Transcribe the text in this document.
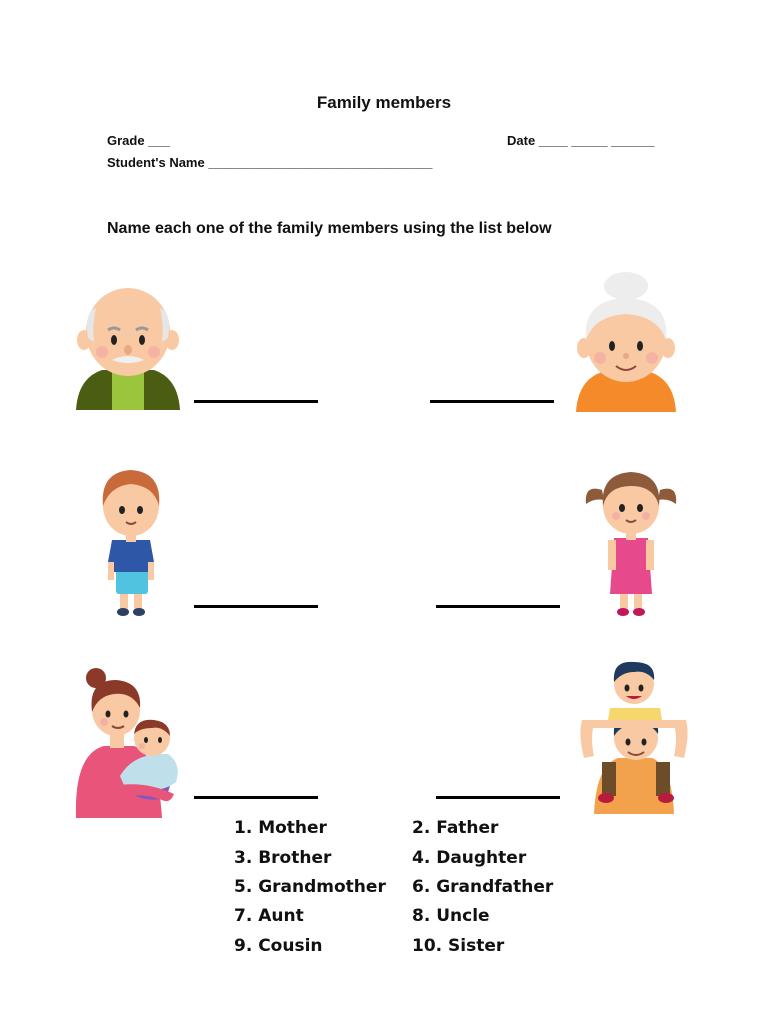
Family members
Grade ___	Date ____ _____ ______
Student's Name _______________________________
Name each one of the family members using the list below
1. Mother	2. Father
3. Brother	4. Daughter
5. Grandmother 6. Grandfather
7. Aunt	8. Uncle
9. Cousin	10. Sister
